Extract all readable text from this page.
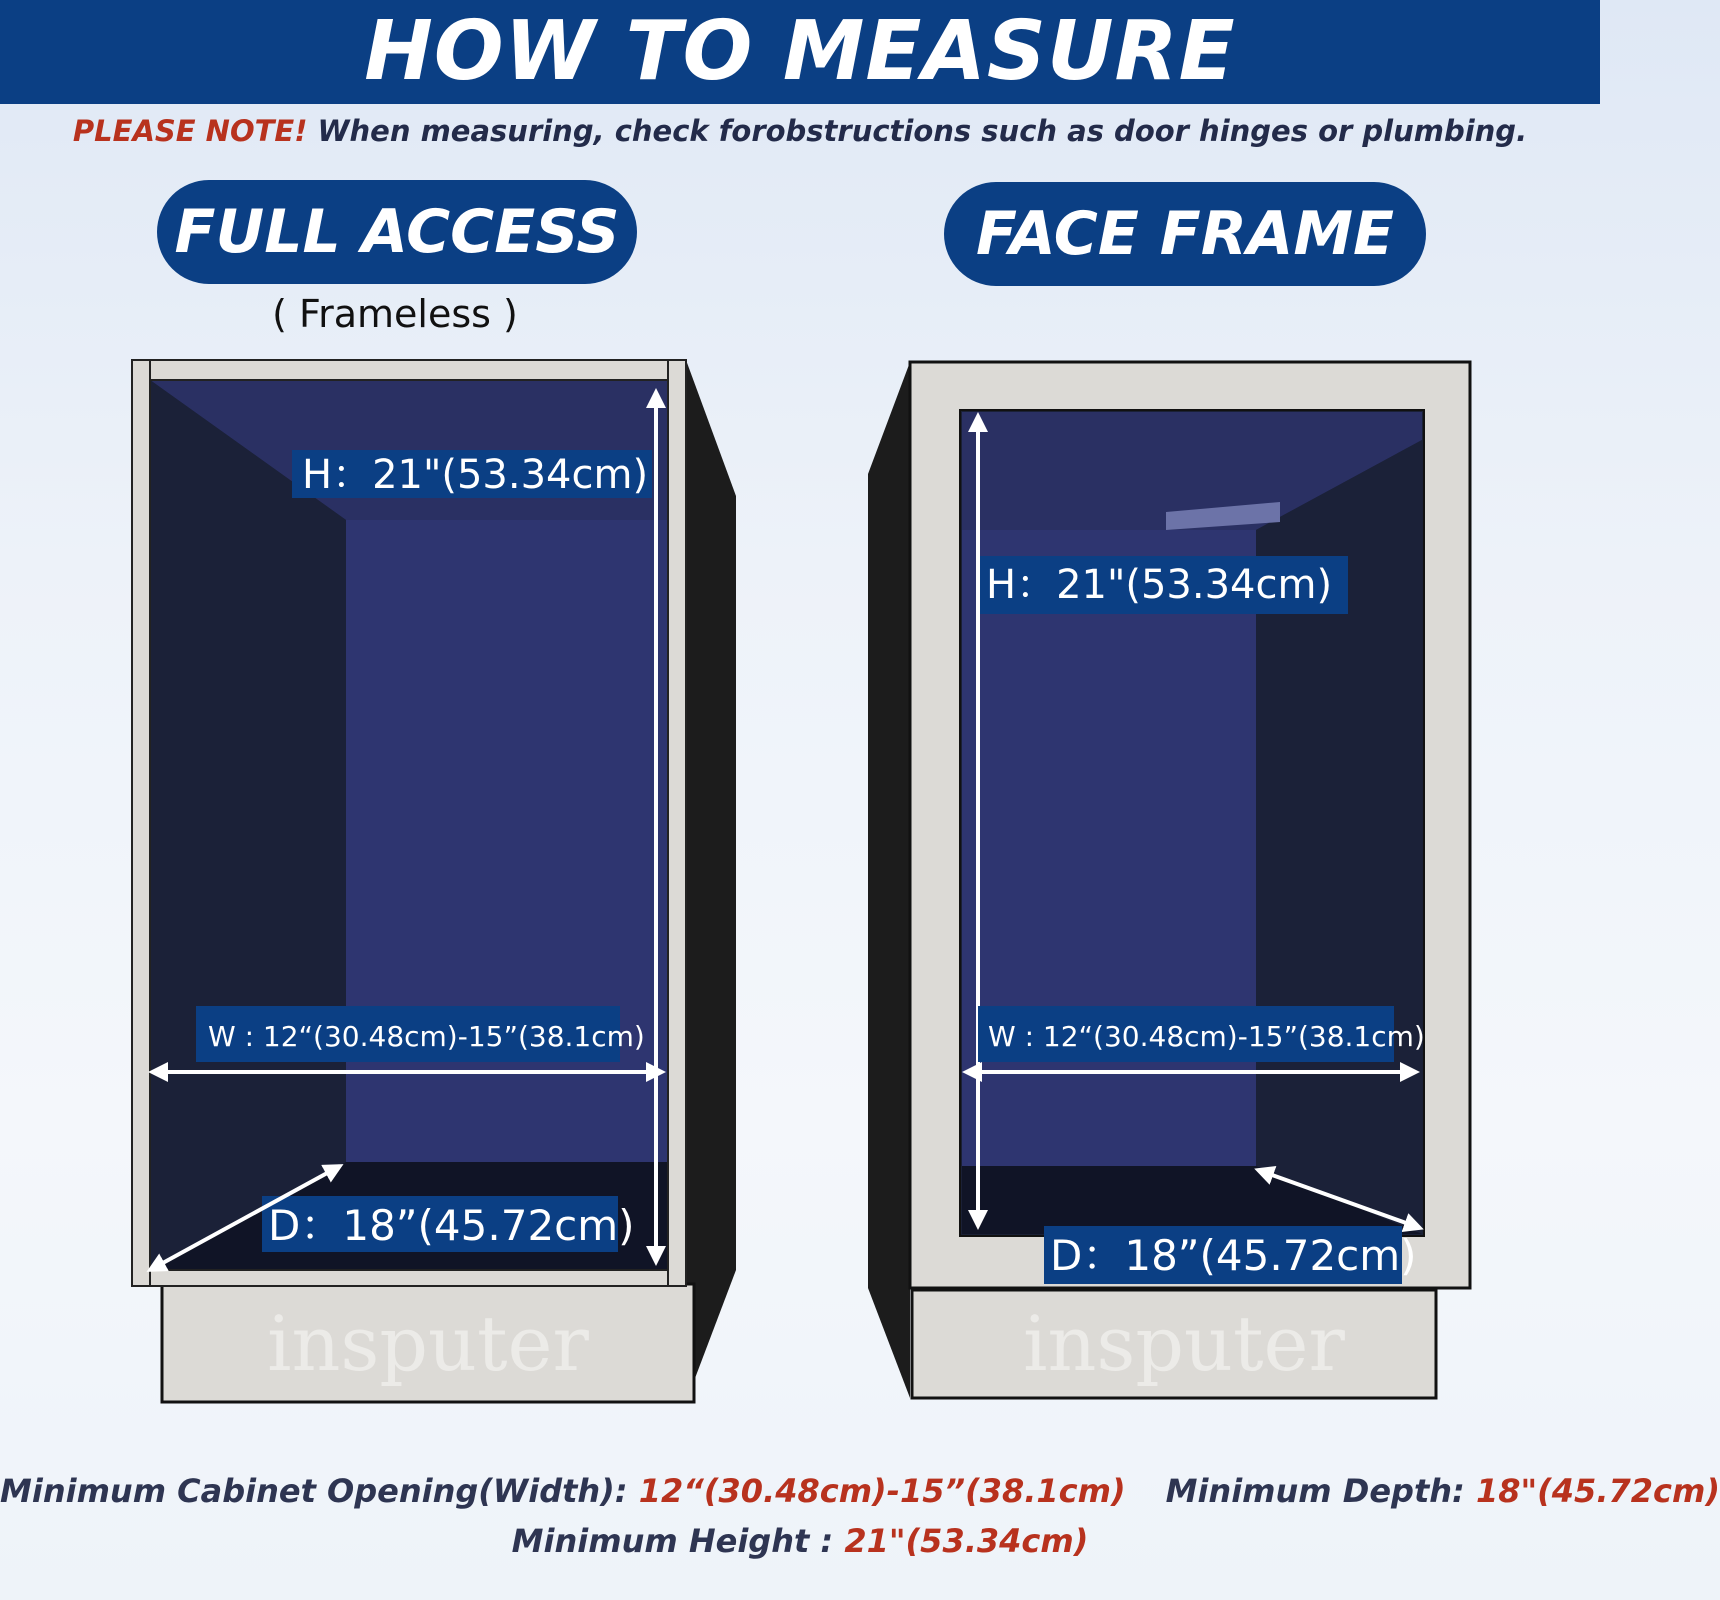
HOW TO MEASURE
PLEASE NOTE! When measuring, check forobstructions such as door hinges or plumbing.
FULL ACCESS
( Frameless )
FACE FRAME
insputer
H：21"(53.34cm)
W : 12“(30.48cm)-15”(38.1cm)
D：18”(45.72cm)
insputer
H：21"(53.34cm)
W : 12“(30.48cm)-15”(38.1cm)
D：18”(45.72cm)
Minimum Cabinet Opening(Width): 12“(30.48cm)-15”(38.1cm) Minimum Depth: 18"(45.72cm)
Minimum Height : 21"(53.34cm)
